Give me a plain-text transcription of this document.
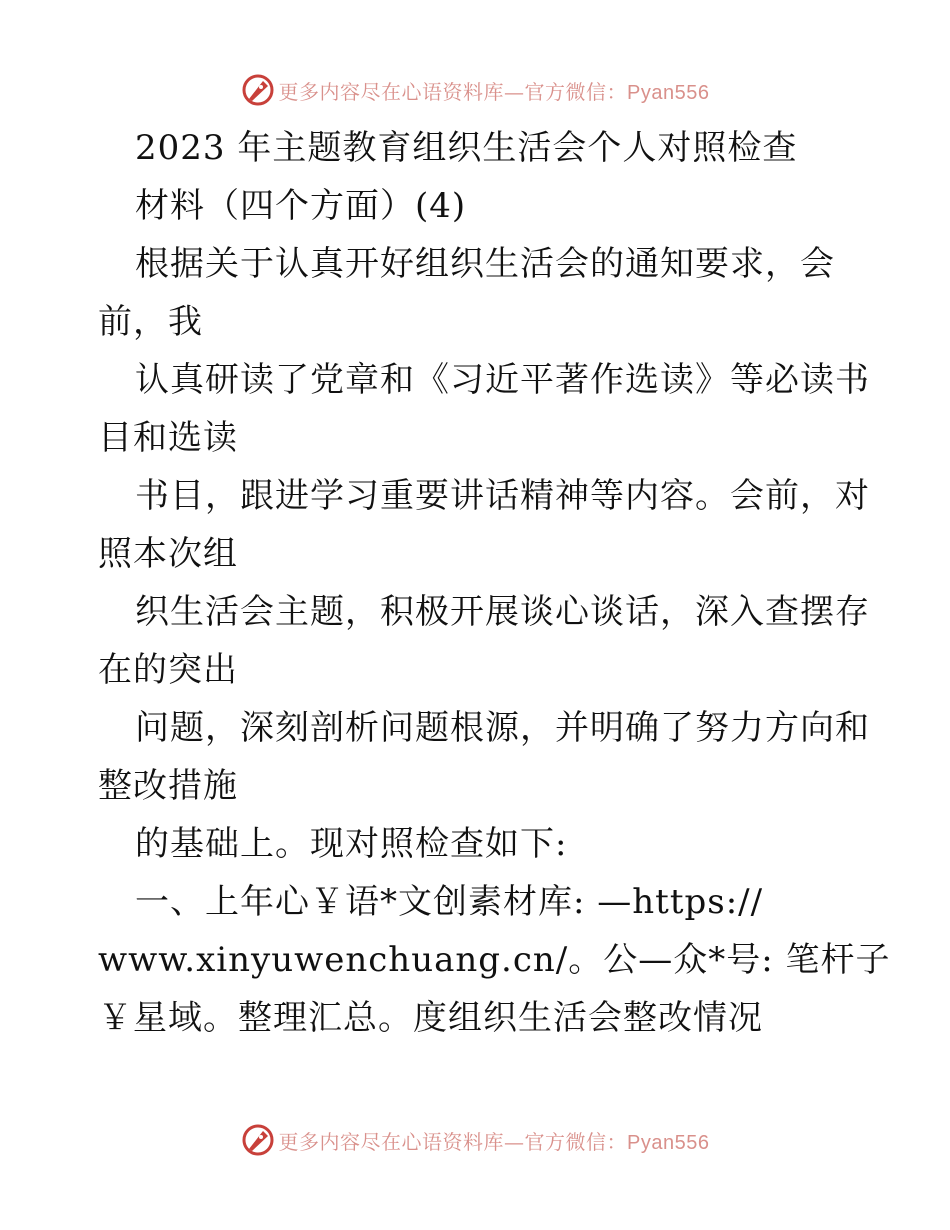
更多内容尽在心语资料库—官方微信：Pyan556
2023 年主题教育组织生活会个人对照检查
材料（四个方面）(4)
根据关于认真开好组织生活会的通知要求，会
前，我
认真研读了党章和《习近平著作选读》等必读书
目和选读
书目，跟进学习重要讲话精神等内容。会前，对
照本次组
织生活会主题，积极开展谈心谈话，深入查摆存
在的突出
问题，深刻剖析问题根源，并明确了努力方向和
整改措施
的基础上。现对照检查如下:
一、上年心￥语*文创素材库: —https://
www.xinyuwenchuang.cn/。公—众*号: 笔杆子
￥星域。整理汇总。度组织生活会整改情况
更多内容尽在心语资料库—官方微信：Pyan556
